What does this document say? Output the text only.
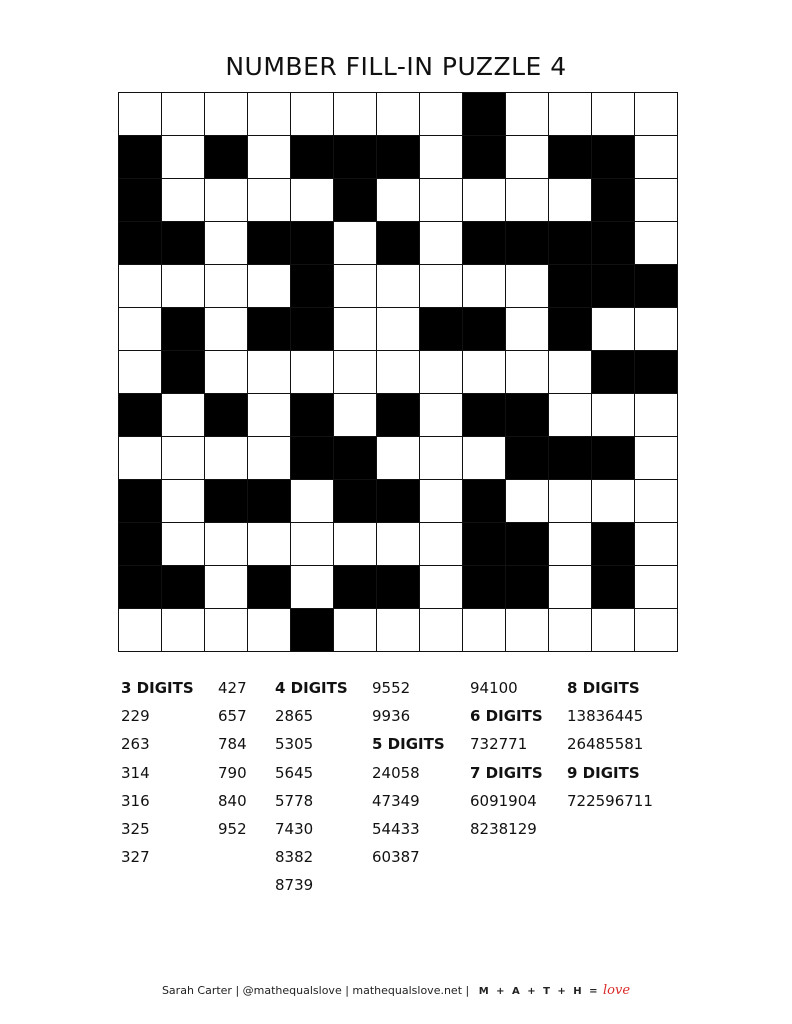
NUMBER FILL-IN PUZZLE 4
3 DIGITS
229
263
314
316
325
327
427
657
784
790
840
952
4 DIGITS
2865
5305
5645
5778
7430
8382
8739
9552
9936
5 DIGITS
24058
47349
54433
60387
94100
6 DIGITS
732771
7 DIGITS
6091904
8238129
8 DIGITS
13836445
26485581
9 DIGITS
722596711
Sarah Carter | @mathequalslove | mathequalslove.net | M + A + T + H = love
